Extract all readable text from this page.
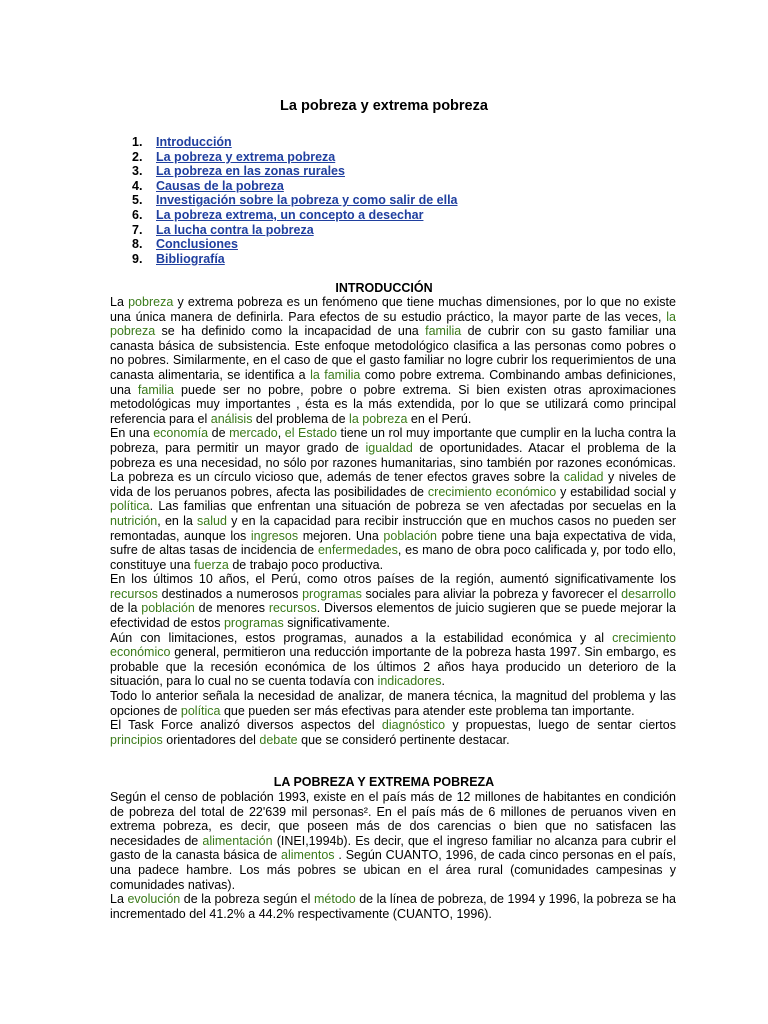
La pobreza y extrema pobreza
1.	Introducción
2.	La pobreza y extrema pobreza
3.	La pobreza en las zonas rurales
4.	Causas de la pobreza
5.	Investigación sobre la pobreza y como salir de ella
6.	La pobreza extrema, un concepto a desechar
7.	La lucha contra la pobreza
8.	Conclusiones
9.	Bibliografía
INTRODUCCIÓN

La pobreza y extrema pobreza es un fenómeno que tiene muchas dimensiones, por lo que no existe una única manera de definirla. Para efectos de su estudio práctico, la mayor parte de las veces, la pobreza se ha definido como la incapacidad de una familia de cubrir con su gasto familiar una canasta básica de subsistencia. Este enfoque metodológico clasifica a las personas como pobres o no pobres. Similarmente, en el caso de que el gasto familiar no logre cubrir los requerimientos de una canasta alimentaria, se identifica a la familia como pobre extrema. Combinando ambas definiciones, una familia puede ser no pobre, pobre o pobre extrema. Si bien existen otras aproximaciones metodológicas muy importantes , ésta es la más extendida, por lo que se utilizará como principal referencia para el análisis del problema de la pobreza en el Perú.

En una economía de mercado, el Estado tiene un rol muy importante que cumplir en la lucha contra la pobreza, para permitir un mayor grado de igualdad de oportunidades. Atacar el problema de la pobreza es una necesidad, no sólo por razones humanitarias, sino también por razones económicas. La pobreza es un círculo vicioso que, además de tener efectos graves sobre la calidad y niveles de vida de los peruanos pobres, afecta las posibilidades de crecimiento económico y estabilidad social y política. Las familias que enfrentan una situación de pobreza se ven afectadas por secuelas en la nutrición, en la salud y en la capacidad para recibir instrucción que en muchos casos no pueden ser remontadas, aunque los ingresos mejoren. Una población pobre tiene una baja expectativa de vida, sufre de altas tasas de incidencia de enfermedades, es mano de obra poco calificada y, por todo ello, constituye una fuerza de trabajo poco productiva.

En los últimos 10 años, el Perú, como otros países de la región, aumentó significativamente los recursos destinados a numerosos programas sociales para aliviar la pobreza y favorecer el desarrollo de la población de menores recursos. Diversos elementos de juicio sugieren que se puede mejorar la efectividad de estos programas significativamente.

Aún con limitaciones, estos programas, aunados a la estabilidad económica y al crecimiento económico general, permitieron una reducción importante de la pobreza hasta 1997. Sin embargo, es probable que la recesión económica de los últimos 2 años haya producido un deterioro de la situación, para lo cual no se cuenta todavía con indicadores.

Todo lo anterior señala la necesidad de analizar, de manera técnica, la magnitud del problema y las opciones de política que pueden ser más efectivas para atender este problema tan importante.

El Task Force analizó diversos aspectos del diagnóstico y propuestas, luego de sentar ciertos principios orientadores del debate que se consideró pertinente destacar.

LA POBREZA Y EXTREMA POBREZA

Según el censo de población 1993, existe en el país más de 12 millones de habitantes en condición de pobreza del total de 22'639 mil personas². En el país más de 6 millones de peruanos viven en extrema pobreza, es decir, que poseen más de dos carencias o bien que no satisfacen las necesidades de alimentación (INEI,1994b). Es decir, que el ingreso familiar no alcanza para cubrir el gasto de la canasta básica de alimentos . Según CUANTO, 1996, de cada cinco personas en el país, una padece hambre. Los más pobres se ubican en el área rural (comunidades campesinas y comunidades nativas).

La evolución de la pobreza según el método de la línea de pobreza, de 1994 y 1996, la pobreza se ha incrementado del 41.2% a 44.2% respectivamente (CUANTO, 1996).
